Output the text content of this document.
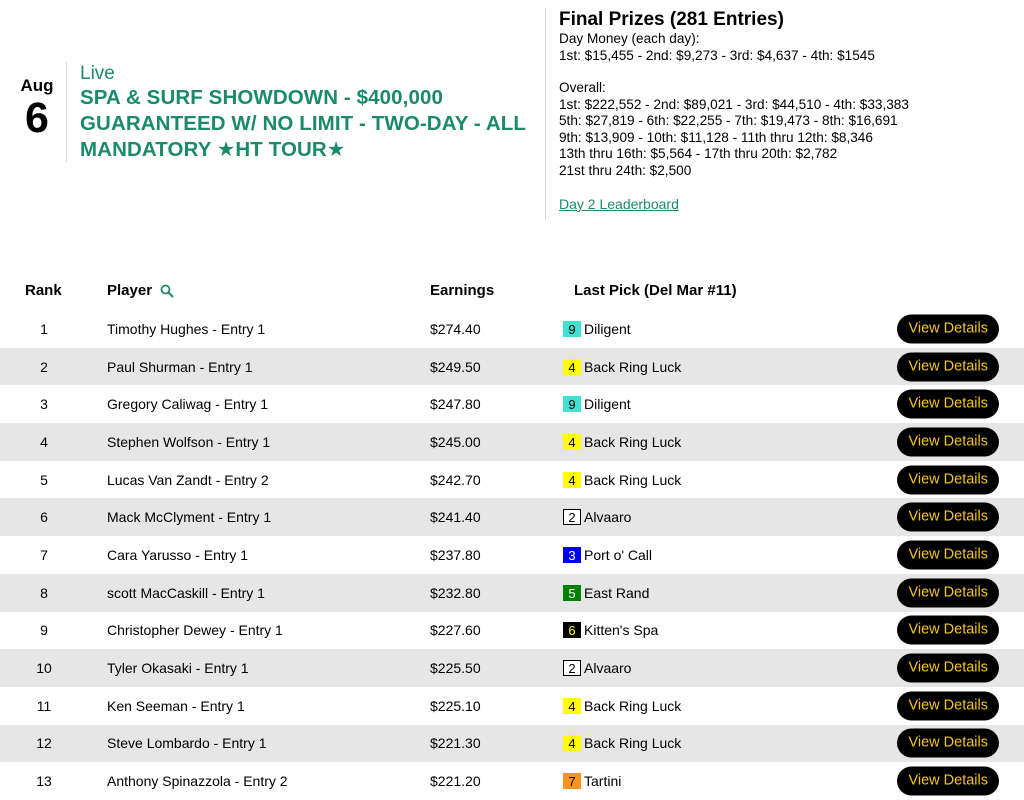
Aug
6
Live
SPA & SURF SHOWDOWN - $400,000 GUARANTEED W/ NO LIMIT - TWO-DAY - ALL MANDATORY ★HT TOUR★
Final Prizes (281 Entries)
Day Money (each day):
1st: $15,455 - 2nd: $9,273 - 3rd: $4,637 - 4th: $1545
Overall:
1st: $222,552 - 2nd: $89,021 - 3rd: $44,510 - 4th: $33,383
5th: $27,819 - 6th: $22,255 - 7th: $19,473 - 8th: $16,691
9th: $13,909 - 10th: $11,128 - 11th thru 12th: $8,346
13th thru 16th: $5,564 - 17th thru 20th: $2,782
21st thru 24th: $2,500
Day 2 Leaderboard
Rank	Player	Earnings	Last Pick (Del Mar #11)
1	Timothy Hughes - Entry 1	$274.40	9 Diligent	View Details
2	Paul Shurman - Entry 1	$249.50	4 Back Ring Luck	View Details
3	Gregory Caliwag - Entry 1	$247.80	9 Diligent	View Details
4	Stephen Wolfson - Entry 1	$245.00	4 Back Ring Luck	View Details
5	Lucas Van Zandt - Entry 2	$242.70	4 Back Ring Luck	View Details
6	Mack McClyment - Entry 1	$241.40	2 Alvaaro	View Details
7	Cara Yarusso - Entry 1	$237.80	3 Port o' Call	View Details
8	scott MacCaskill - Entry 1	$232.80	5 East Rand	View Details
9	Christopher Dewey - Entry 1	$227.60	6 Kitten's Spa	View Details
10	Tyler Okasaki - Entry 1	$225.50	2 Alvaaro	View Details
11	Ken Seeman - Entry 1	$225.10	4 Back Ring Luck	View Details
12	Steve Lombardo - Entry 1	$221.30	4 Back Ring Luck	View Details
13	Anthony Spinazzola - Entry 2	$221.20	7 Tartini	View Details
